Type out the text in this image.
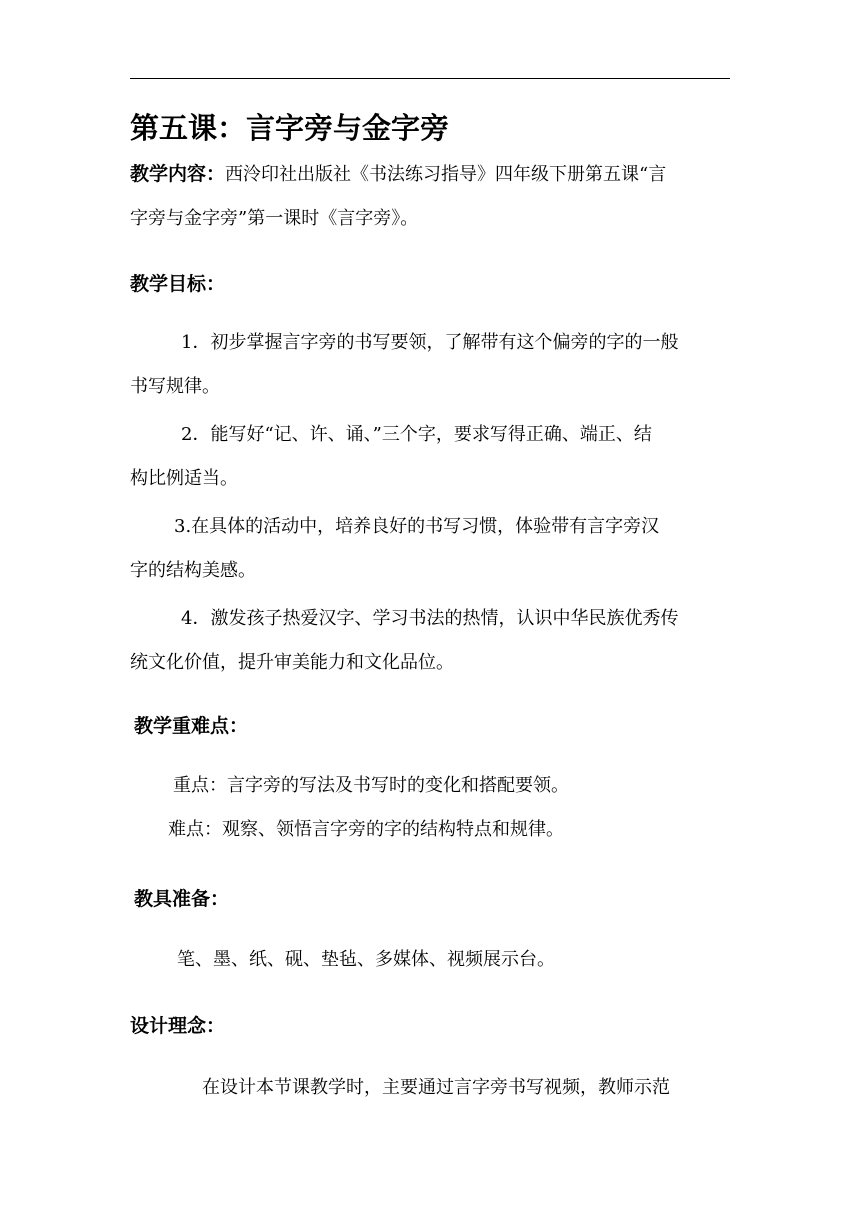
第五课：言字旁与金字旁
教学内容：西泠印社出版社《书法练习指导》四年级下册第五课“言
字旁与金字旁”第一课时《言字旁》。
教学目标：
1．初步掌握言字旁的书写要领，了解带有这个偏旁的字的一般
书写规律。
2．能写好“记、许、诵、”三个字，要求写得正确、端正、结
构比例适当。
3.在具体的活动中，培养良好的书写习惯，体验带有言字旁汉
字的结构美感。
4．激发孩子热爱汉字、学习书法的热情，认识中华民族优秀传
统文化价值，提升审美能力和文化品位。
教学重难点：
重点：言字旁的写法及书写时的变化和搭配要领。
难点：观察、领悟言字旁的字的结构特点和规律。
教具准备：
笔、墨、纸、砚、垫毡、多媒体、视频展示台。
设计理念：
在设计本节课教学时，主要通过言字旁书写视频，教师示范
